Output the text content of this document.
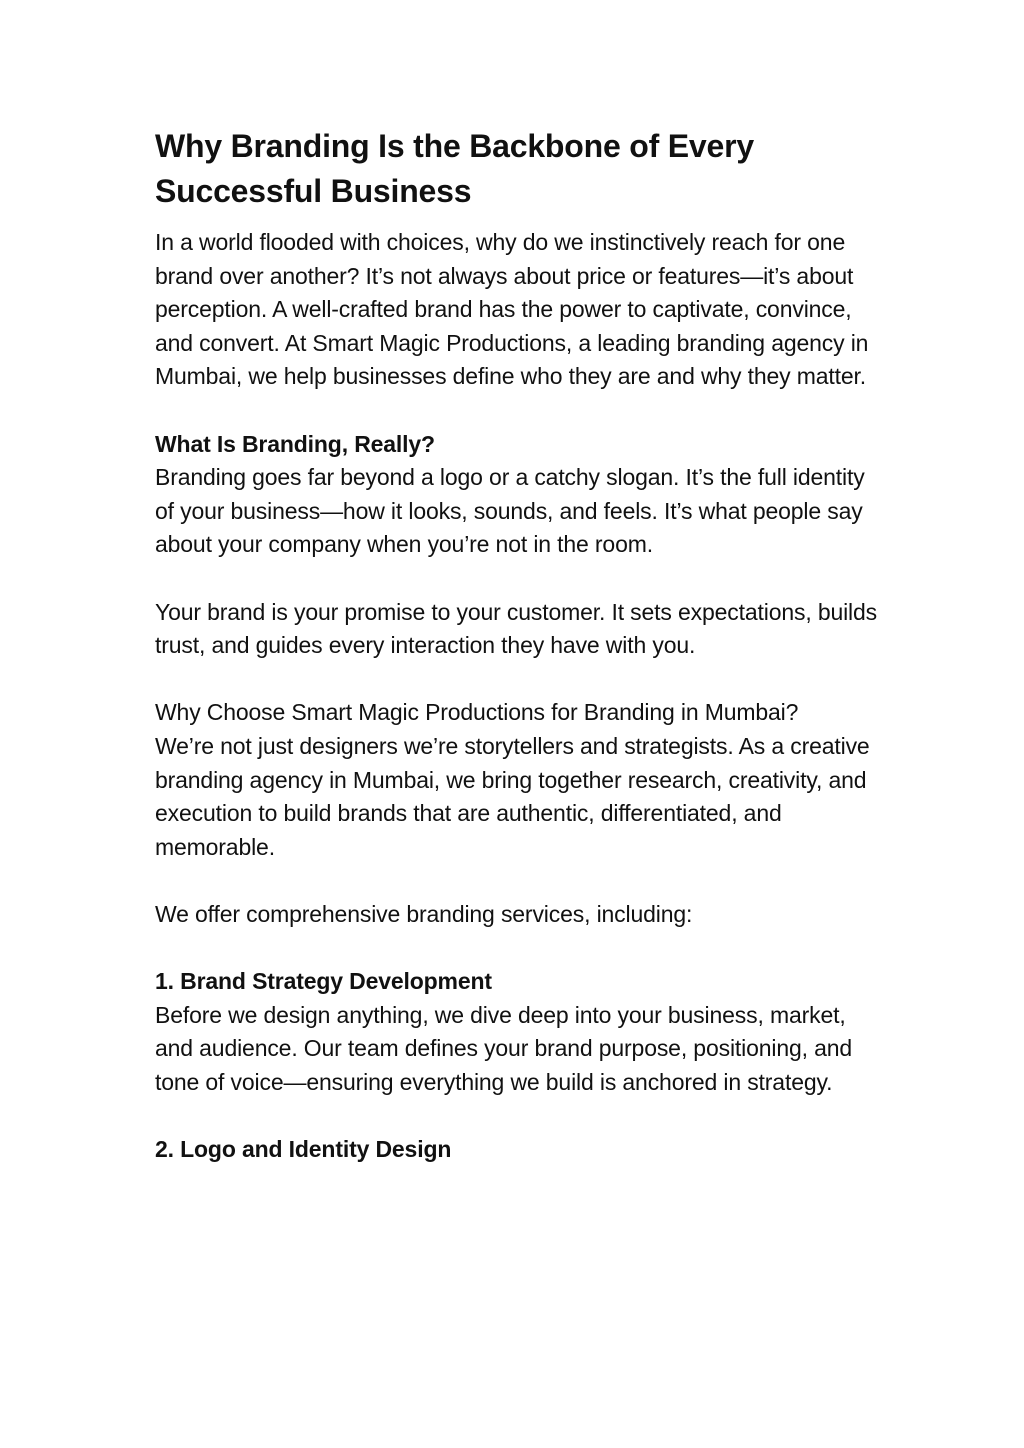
Why Branding Is the Backbone of Every Successful Business

In a world flooded with choices, why do we instinctively reach for one brand over another? It’s not always about price or features—it’s about perception. A well-crafted brand has the power to captivate, convince, and convert. At Smart Magic Productions, a leading branding agency in Mumbai, we help businesses define who they are and why they matter.

What Is Branding, Really?

Branding goes far beyond a logo or a catchy slogan. It’s the full identity of your business—how it looks, sounds, and feels. It’s what people say about your company when you’re not in the room.

Your brand is your promise to your customer. It sets expectations, builds trust, and guides every interaction they have with you.

Why Choose Smart Magic Productions for Branding in Mumbai?

We’re not just designers we’re storytellers and strategists. As a creative branding agency in Mumbai, we bring together research, creativity, and execution to build brands that are authentic, differentiated, and memorable.

We offer comprehensive branding services, including:

1. Brand Strategy Development

Before we design anything, we dive deep into your business, market, and audience. Our team defines your brand purpose, positioning, and tone of voice—ensuring everything we build is anchored in strategy.

2. Logo and Identity Design
